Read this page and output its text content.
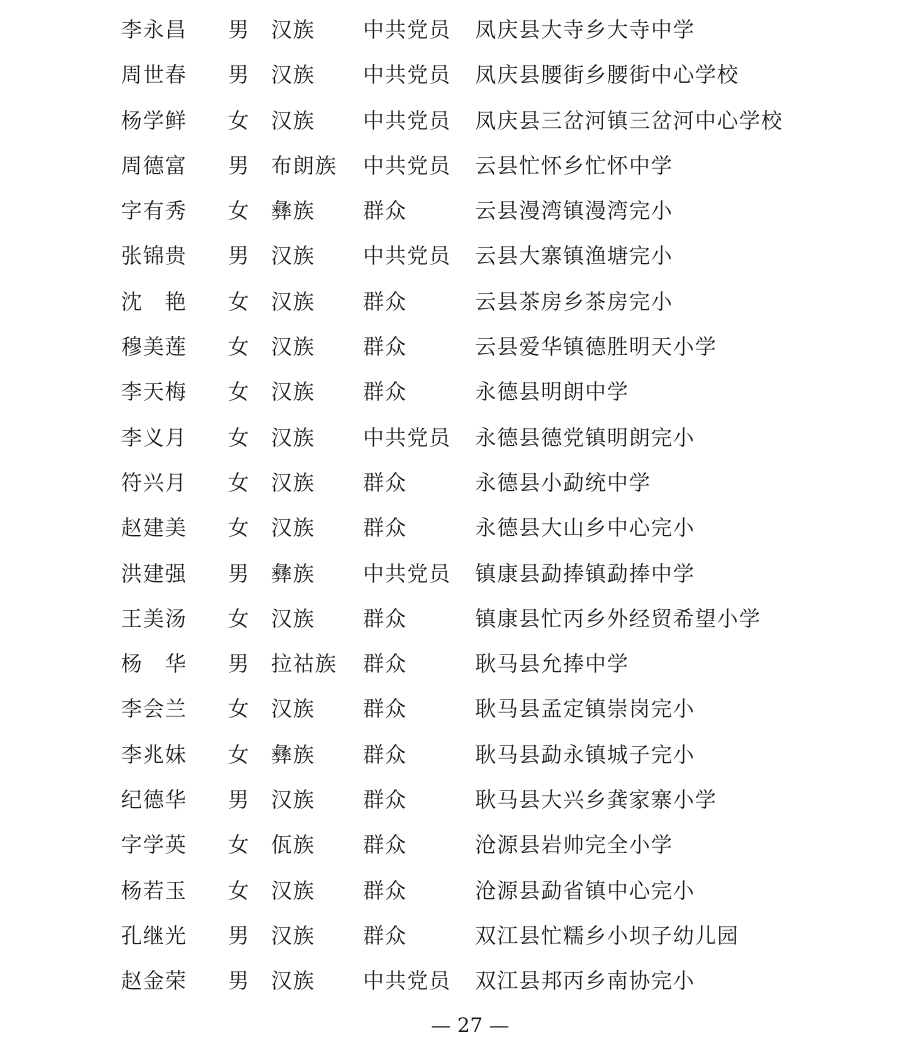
李永昌 男 汉族 中共党员 凤庆县大寺乡大寺中学
周世春 男 汉族 中共党员 凤庆县腰街乡腰街中心学校
杨学鲜 女 汉族 中共党员 凤庆县三岔河镇三岔河中心学校
周德富 男 布朗族 中共党员 云县忙怀乡忙怀中学
字有秀 女 彝族 群众	云县漫湾镇漫湾完小
张锦贵 男 汉族 中共党员 云县大寨镇渔塘完小
沈　艳 女 汉族 群众	云县茶房乡茶房完小
穆美莲 女 汉族 群众	云县爱华镇德胜明天小学
李天梅 女 汉族 群众	永德县明朗中学
李义月 女 汉族 中共党员 永德县德党镇明朗完小
符兴月 女 汉族 群众	永德县小勐统中学
赵建美 女 汉族 群众	永德县大山乡中心完小
洪建强 男 彝族 中共党员 镇康县勐捧镇勐捧中学
王美汤 女 汉族 群众	镇康县忙丙乡外经贸希望小学
杨　华 男 拉祜族 群众	耿马县允捧中学
李会兰 女 汉族 群众	耿马县孟定镇崇岗完小
李兆妹 女 彝族 群众	耿马县勐永镇城子完小
纪德华 男 汉族 群众	耿马县大兴乡龚家寨小学
字学英 女 佤族 群众	沧源县岩帅完全小学
杨若玉 女 汉族 群众	沧源县勐省镇中心完小
孔继光 男 汉族 群众	双江县忙糯乡小坝子幼儿园
赵金荣 男 汉族 中共党员 双江县邦丙乡南协完小
— 27 —
